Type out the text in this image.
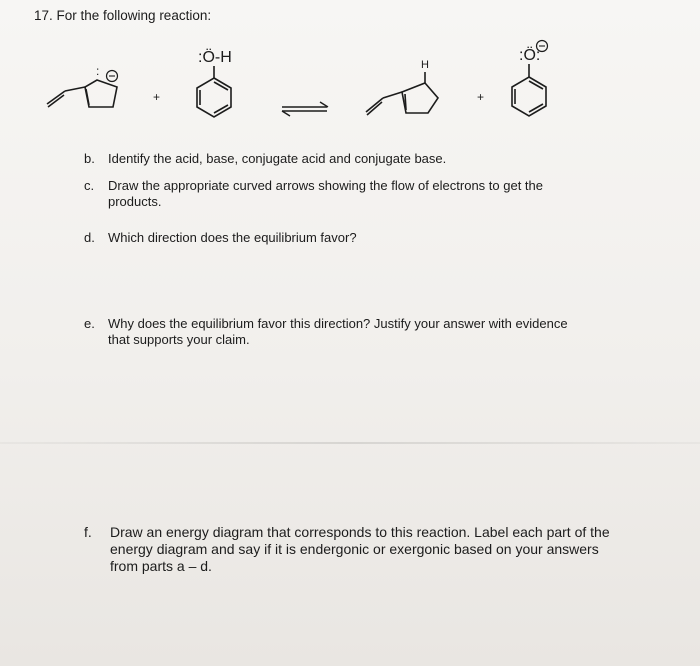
17. For the following reaction:
:
+
:Ö-H	H
+
:Ö:
b. Identify the acid, base, conjugate acid and conjugate base.
c. Draw the appropriate curved arrows showing the flow of electrons to get the
products.
d. Which direction does the equilibrium favor?
e. Why does the equilibrium favor this direction? Justify your answer with evidence
that supports your claim.
f. Draw an energy diagram that corresponds to this reaction. Label each part of the
energy diagram and say if it is endergonic or exergonic based on your answers
from parts a – d.
